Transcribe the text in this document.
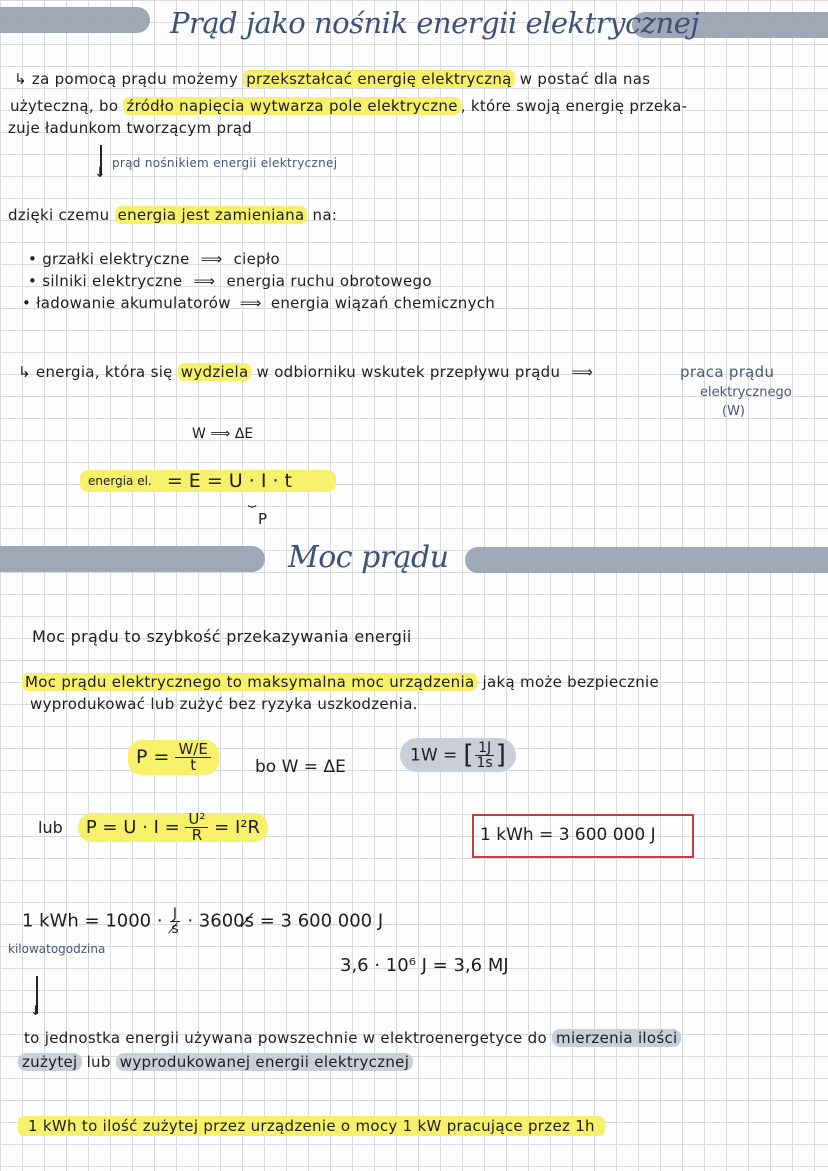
Prąd jako nośnik energii elektrycznej
↳ za pomocą prądu możemy przekształcać energię elektryczną w postać dla nas
użyteczną, bo źródło napięcia wytwarza pole elektryczne , które swoją energię przeka-
zuje ładunkom tworzącym prąd
↓
prąd nośnikiem energii elektrycznej
dzięki czemu energia jest zamieniana na:
• grzałki elektryczne ⟹ ciepło
• silniki elektryczne ⟹ energia ruchu obrotowego
• ładowanie akumulatorów ⟹ energia wiązań chemicznych
↳ energia, która się wydziela w odbiorniku wskutek przepływu prądu ⟹	praca prądu
elektrycznego
(W)
W ⟹ ΔE
energia el. = E = U · I · t
⏟
P
Moc prądu
Moc prądu to szybkość przekazywania energii
Moc prądu elektrycznego to maksymalna moc urządzenia jaką może bezpiecznie
wyprodukować lub zużyć bez ryzyka uszkodzenia.
$P = \frac{W/E}{t}$	bo W = ΔE
1W = [ $\frac{1J}{1s}$ ]
lub $P = U \cdot I = \frac{\text{U²}}{R} = I^2R$	1 kWh = 3 600 000 J
1 kWh = $1000 \cdot \frac{J}{s̸}$ · 3600s̸ = 3 600 000 J
kilowatogodzina
3,6 · 10⁶ J = 3,6 MJ
↓
to jednostka energii używana powszechnie w elektroenergetyce do mierzenia ilości
zużytej lub wyprodukowanej energii elektrycznej
1 kWh to ilość zużytej przez urządzenie o mocy 1 kW pracujące przez 1h
